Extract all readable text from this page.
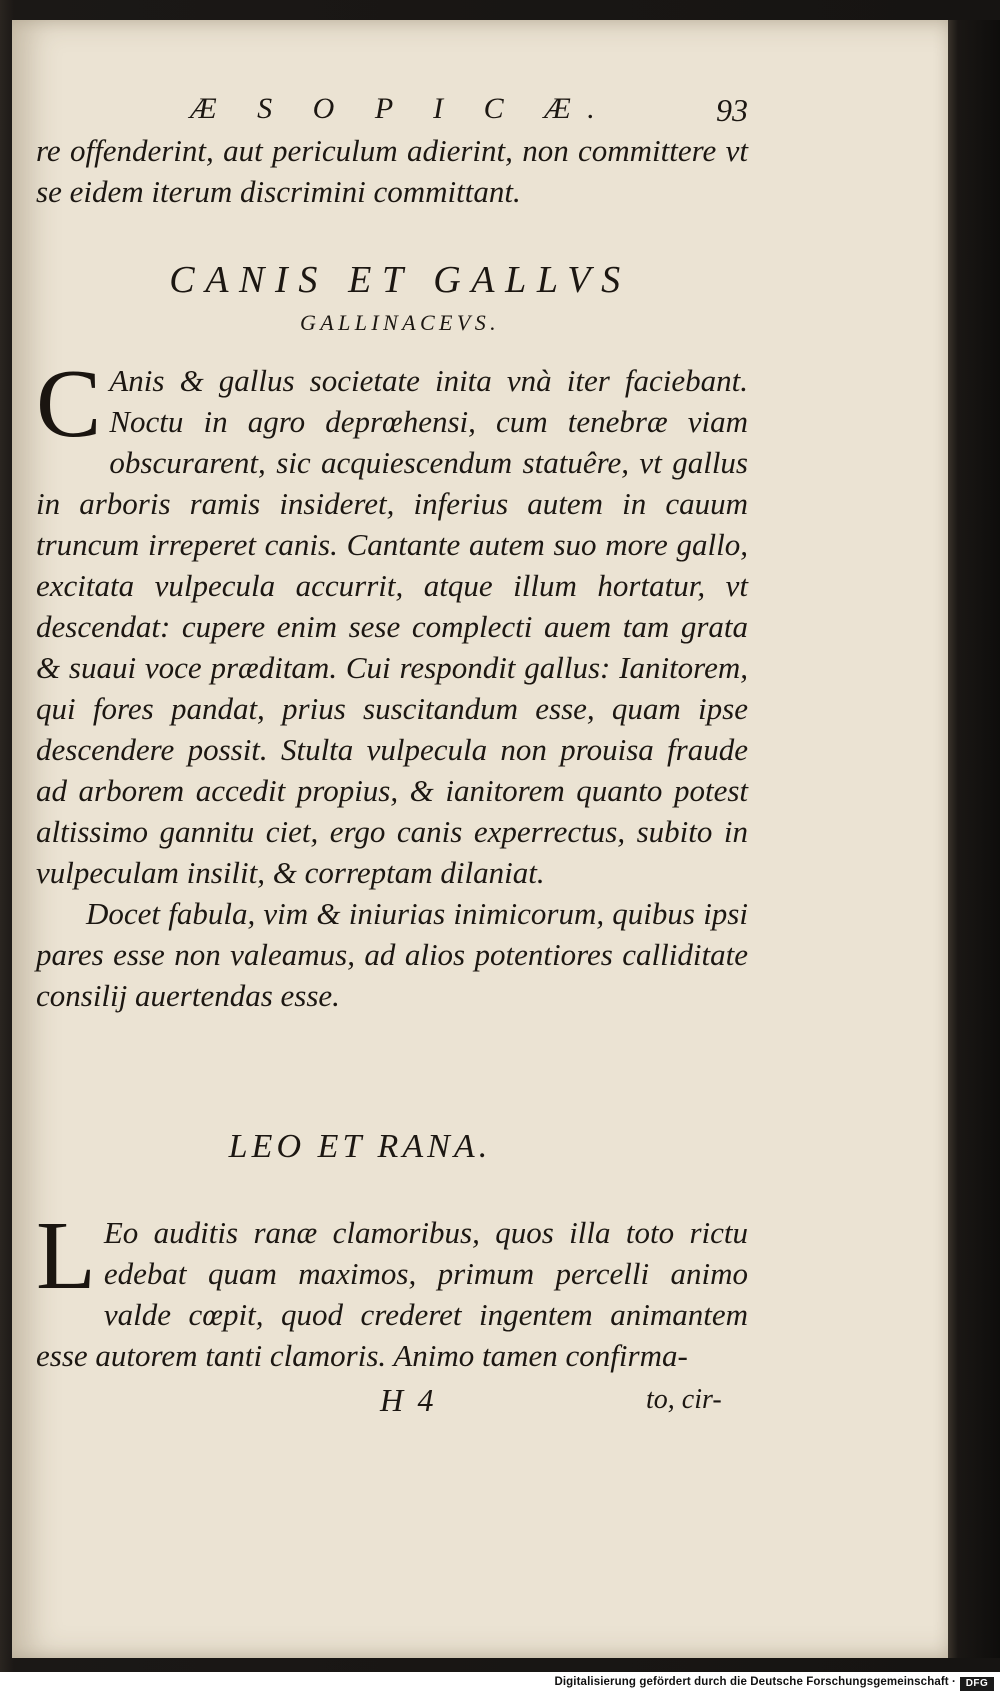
Æ S O P I C Æ.	93
re offenderint, aut periculum adierint, non committere vt se eidem iterum discrimini committant.
CANIS ET GALLVS
GALLINACEVS.
C Anis & gallus societate inita vnà iter faciebant. Noctu in agro deprœhensi, cum tenebræ viam obscurarent, sic acquiescendum statuêre, vt gallus in arboris ramis insideret, inferius autem in cauum truncum irreperet canis. Cantante autem suo more gallo, excitata vulpecula accurrit, atque illum hortatur, vt descendat: cupere enim sese complecti auem tam grata & suaui voce præditam. Cui respondit gallus: Ianitorem, qui fores pandat, prius suscitandum esse, quam ipse descendere possit. Stulta vulpecula non prouisa fraude ad arborem accedit propius, & ianitorem quanto potest altissimo gannitu ciet, ergo canis experrectus, subito in vulpeculam insilit, & correptam dilaniat.
Docet fabula, vim & iniurias inimicorum, quibus ipsi pares esse non valeamus, ad alios potentiores calliditate consilij auertendas esse.
LEO ET RANA.
L Eo auditis ranæ clamoribus, quos illa toto rictu edebat quam maximos, primum percelli animo valde cœpit, quod crederet ingentem animantem esse autorem tanti clamoris. Animo tamen confirma-
H 4	to, cir-
Digitalisierung gefördert durch die Deutsche Forschungsgemeinschaft · DFG
